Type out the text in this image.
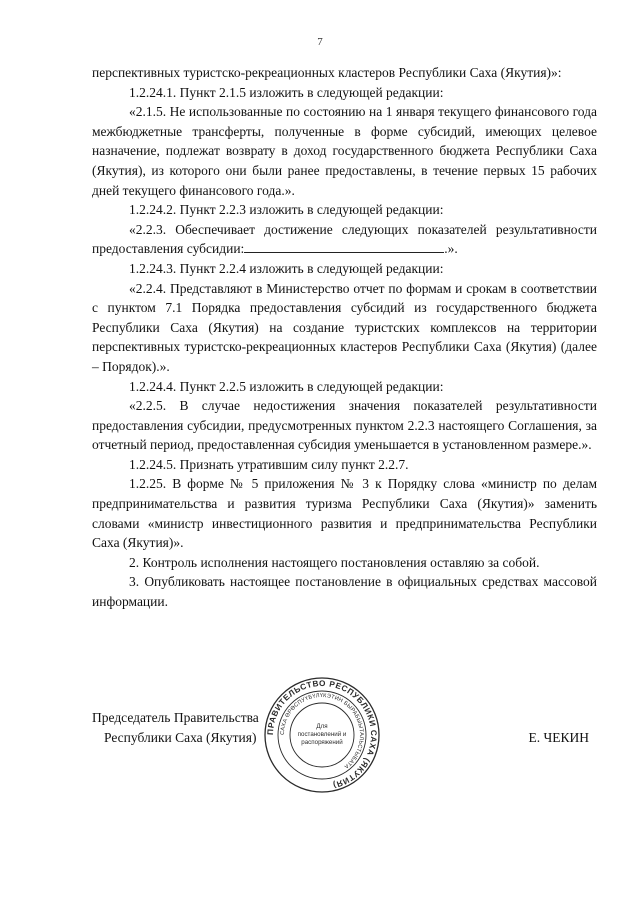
7

перспективных туристско-рекреационных кластеров Республики Саха (Якутия)»:

1.2.24.1. Пункт 2.1.5 изложить в следующей редакции:

«2.1.5. Не использованные по состоянию на 1 января текущего финансового года межбюджетные трансферты, полученные в форме субсидий, имеющих целевое назначение, подлежат возврату в доход государственного бюджета Республики Саха (Якутия), из которого они были ранее предоставлены, в течение первых 15 рабочих дней текущего финансового года.».

1.2.24.2. Пункт 2.2.3 изложить в следующей редакции:

«2.2.3. Обеспечивает достижение следующих показателей результативности предоставления субсидии:	.».

1.2.24.3. Пункт 2.2.4 изложить в следующей редакции:

«2.2.4. Представляют в Министерство отчет по формам и срокам в соответствии с пунктом 7.1 Порядка предоставления субсидий из государственного бюджета Республики Саха (Якутия) на создание туристских комплексов на территории перспективных туристско-рекреационных кластеров Республики Саха (Якутия) (далее – Порядок).».

1.2.24.4. Пункт 2.2.5 изложить в следующей редакции:

«2.2.5. В случае недостижения значения показателей результативности предоставления субсидии, предусмотренных пунктом 2.2.3 настоящего Соглашения, за отчетный период, предоставленная субсидия уменьшается в установленном размере.».

1.2.24.5. Признать утратившим силу пункт 2.2.7.

1.2.25. В форме № 5 приложения № 3 к Порядку слова «министр по делам предпринимательства и развития туризма Республики Саха (Якутия)» заменить словами «министр инвестиционного развития и предпринимательства Республики Саха (Якутия)».

2. Контроль исполнения настоящего постановления оставляю за собой.

3. Опубликовать настоящее постановление в официальных средствах массовой информации.

Председатель Правительства
Республики Саха (Якутия)	Е. ЧЕКИН
ПРАВИТЕЛЬСТВО РЕСПУБЛИКИ САХА (ЯКУТИЯ)
САХА ӨРӨСПУҮБҮЛҮКЭТИН БЫРАБЫЫТАЛЬСТЫБАТА
Для
постановлений и
распоряжений
